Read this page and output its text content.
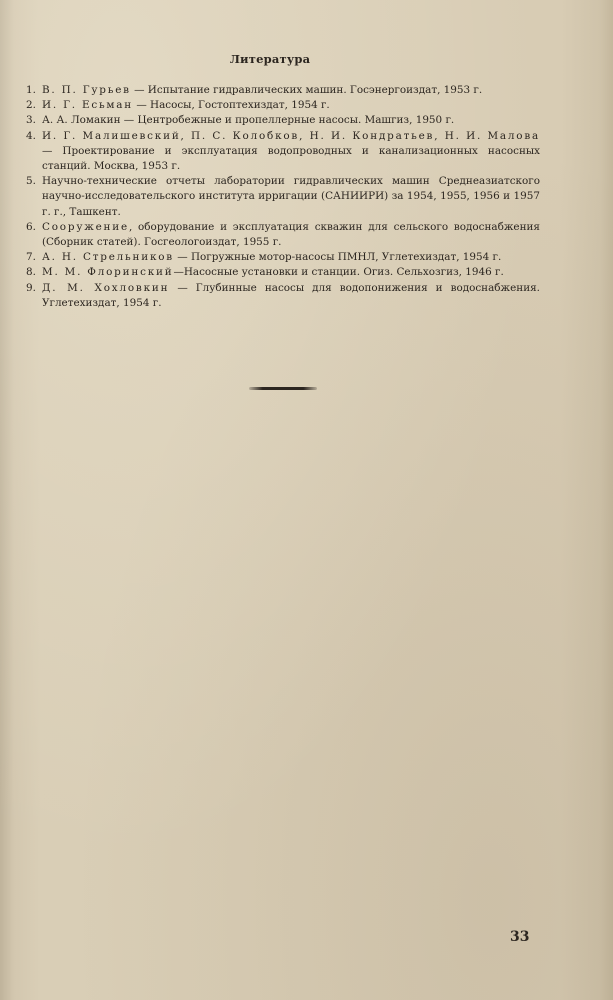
Литература
1. В. П. Гурьев — Испытание гидравлических машин. Госэнергоиздат, 1953 г.
2. И. Г. Есьман — Насосы, Гостоптехиздат, 1954 г.
3. А. А. Ломакин — Центробежные и пропеллерные насосы. Машгиз, 1950 г.
4. И. Г. Малишевский, П. С. Колобков, Н. И. Кондратьев, Н. И. Малова — Проектирование и эксплуатация водопроводных и канализационных насосных станций. Москва, 1953 г.
5. Научно-технические отчеты лаборатории гидравлических машин Среднеазиатского научно-исследовательского института ирригации (САНИИРИ) за 1954, 1955, 1956 и 1957 г. г., Ташкент.
6. Сооружение, оборудование и эксплуатация скважин для сельского водоснабжения (Сборник статей). Госгеологоиздат, 1955 г.
7. А. Н. Стрельников — Погружные мотор-насосы ПМНЛ, Углетехиздат, 1954 г.
8. М. М. Флоринский—Насосные установки и станции. Огиз. Сельхозгиз, 1946 г.
9. Д. М. Хохловкин — Глубинные насосы для водопонижения и водоснабжения. Углетехиздат, 1954 г.
33
